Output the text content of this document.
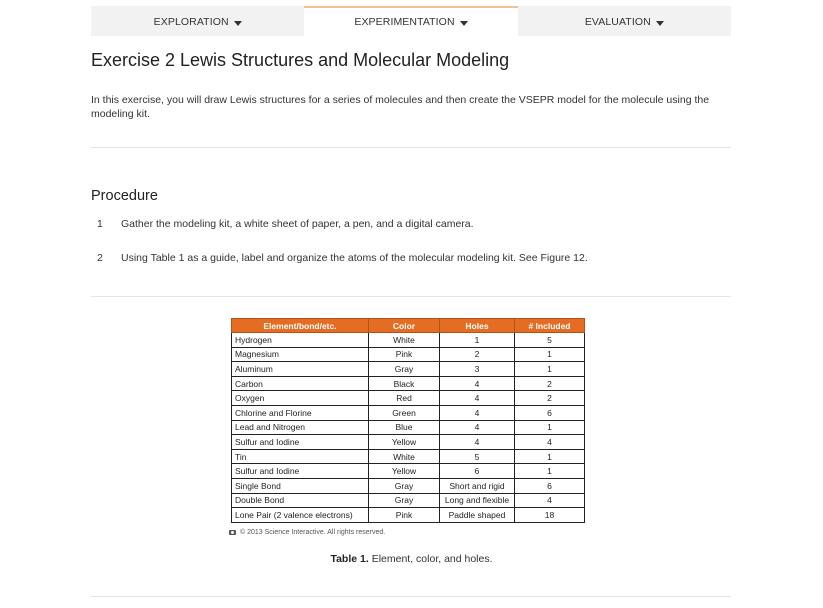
EXPLORATION	EXPERIMENTATION	EVALUATION
Exercise 2 Lewis Structures and Molecular Modeling

In this exercise, you will draw Lewis structures for a series of molecules and then create the VSEPR model for the molecule using the modeling kit.

Procedure
1	Gather the modeling kit, a white sheet of paper, a pen, and a digital camera.
2	Using Table 1 as a guide, label and organize the atoms of the molecular modeling kit. See Figure 12.
Element/bond/etc.	Color	Holes	# Included
Hydrogen	White	1	5
Magnesium	Pink	2	1
Aluminum	Gray	3	1
Carbon	Black	4	2
Oxygen	Red	4	2
Chlorine and Florine	Green	4	6
Lead and Nitrogen	Blue	4	1
Sulfur and Iodine	Yellow	4	4
Tin	White	5	1
Sulfur and Iodine	Yellow	6	1
Single Bond	Gray	Short and rigid	6
Double Bond	Gray	Long and flexible	4
Lone Pair (2 valence electrons)	Pink	Paddle shaped	18
© 2013 Science Interactive. All rights reserved.
Table 1. Element, color, and holes.
